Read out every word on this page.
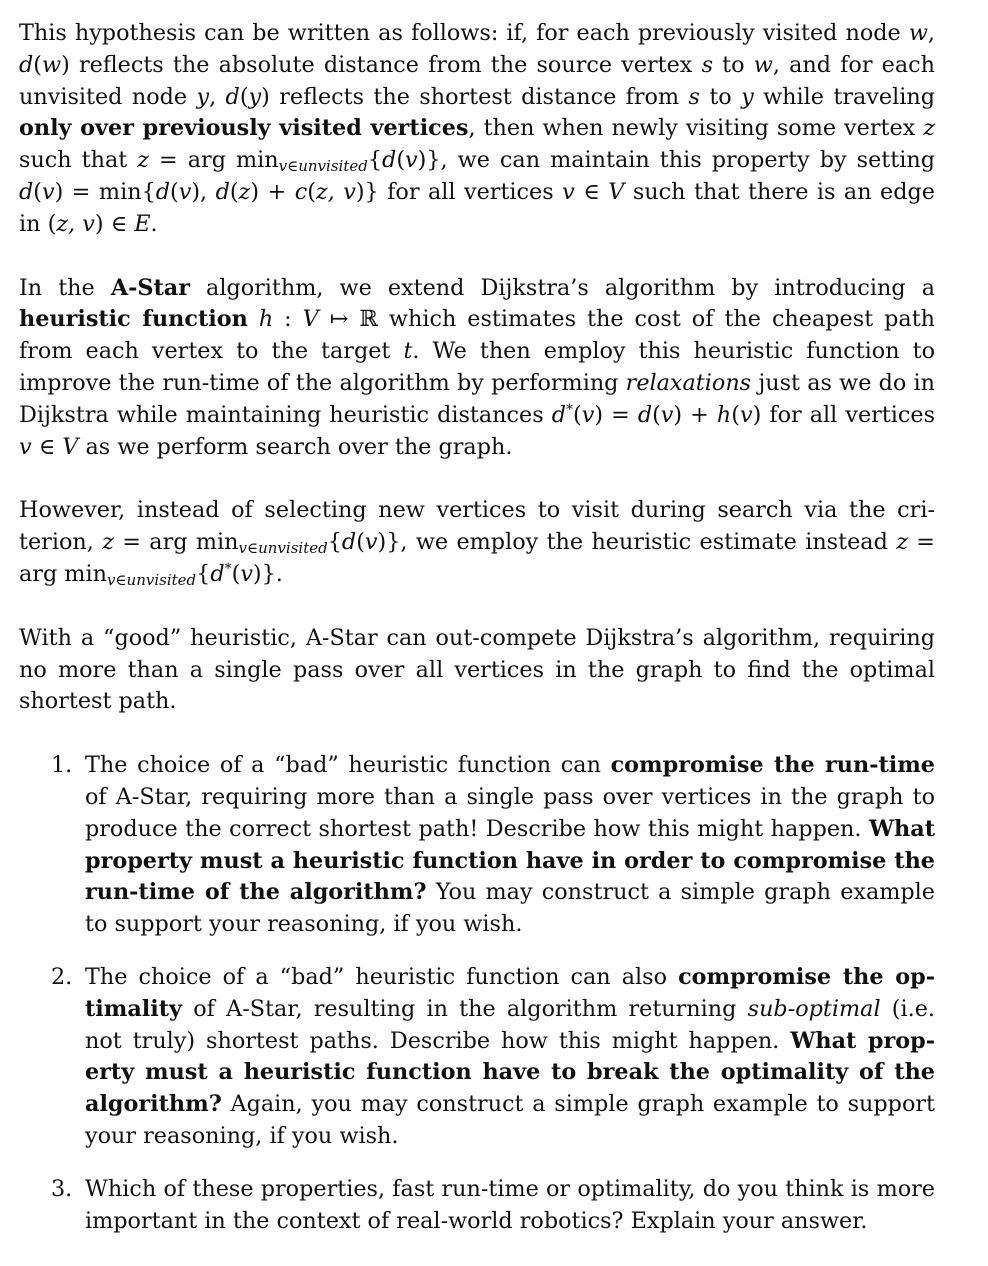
This hypothesis can be written as follows: if, for each previously visited node w, d(w) reflects the absolute distance from the source vertex s to w, and for each unvisited node y, d(y) reflects the shortest distance from s to y while traveling only over previously visited vertices, then when newly visiting some vertex z such that z = arg $\min_{v\in unvisited}\{d(v)\}$, we can maintain this property by setting d(v) = min{d(v), d(z) + c(z, v)} for all vertices v ∈ V such that there is an edge in (z, v) ∈ E.

In the A-Star algorithm, we extend Dijkstra’s algorithm by introducing a heuristic function h : V ↦ ℝ which estimates the cost of the cheapest path from each vertex to the target t. We then employ this heuristic function to improve the run-time of the algorithm by performing relaxations just as we do in Dijkstra while maintaining heuristic distances d*(v) = d(v) + h(v) for all vertices v ∈ V as we perform search over the graph.

However, instead of selecting new vertices to visit during search via the criterion, z = arg $\min_{v\in unvisited}\{d(v)\}$, we employ the heuristic estimate instead z = arg $\min_{v\in unvisited}\{d^*(v)\}$.

With a “good” heuristic, A-Star can out-compete Dijkstra’s algorithm, requiring no more than a single pass over all vertices in the graph to find the optimal shortest path.

1. The choice of a “bad” heuristic function can compromise the run-time of A-Star, requiring more than a single pass over vertices in the graph to produce the correct shortest path! Describe how this might happen. What property must a heuristic function have in order to compromise the run-time of the algorithm? You may construct a simple graph example to support your reasoning, if you wish.
2. The choice of a “bad” heuristic function can also compromise the optimality of A-Star, resulting in the algorithm returning sub-optimal (i.e. not truly) shortest paths. Describe how this might happen. What property must a heuristic function have to break the optimality of the algorithm? Again, you may construct a simple graph example to support your reasoning, if you wish.
3. Which of these properties, fast run-time or optimality, do you think is more important in the context of real-world robotics? Explain your answer.
